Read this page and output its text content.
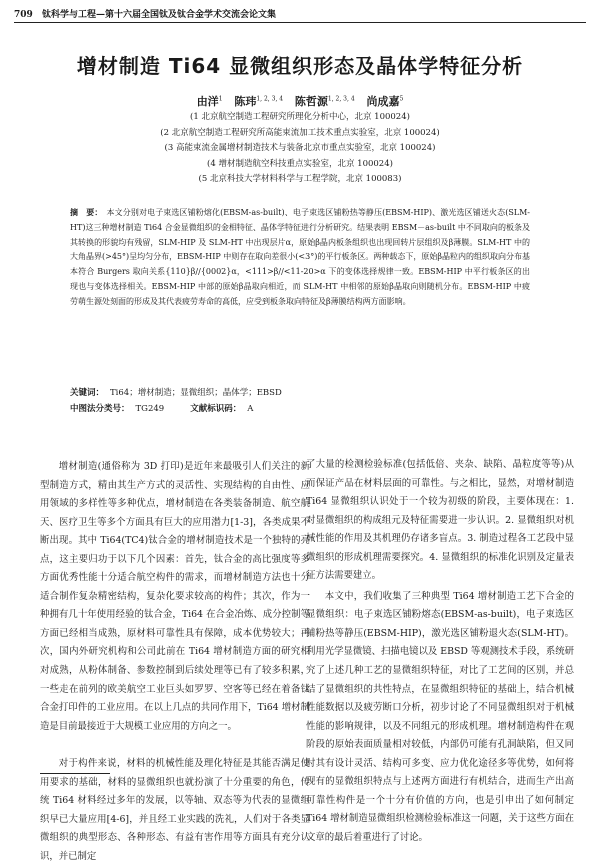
709 钛科学与工程—第十六届全国钛及钛合金学术交流会论文集
增材制造 Ti64 显微组织形态及晶体学特征分析
由洋$^1$ 陈玮$^{1, 2, 3, 4}$ 陈哲源$^{1, 2, 3, 4}$ 尚成嘉$^5$
(1 北京航空制造工程研究所理化分析中心，北京 100024)
(2 北京航空制造工程研究所高能束流加工技术重点实验室，北京 100024)
(3 高能束流金属增材制造技术与装备北京市重点实验室，北京 100024)
(4 增材制造航空科技重点实验室，北京 100024)
(5 北京科技大学材料科学与工程学院，北京 100083)
摘　要： 本文分别对电子束选区铺粉熔化(EBSM-as-built)、电子束选区铺粉热等静压(EBSM-HIP)、激光选区铺送火态(SLM-HT)这三种增材制造 Ti64 合金显微组织的金相特征、晶体学特征进行分析研究。结果表明 EBSM－as-built 中不同取向的板条及其转换的形貌均有残留，SLM-HIP 及 SLM-HT 中出现层片α，原始β晶内板条组织也出现回转片层组织及β薄膜。SLM-HT 中的大角晶界(>45°)呈均匀分布，EBSM-HIP 中则存在取向差很小(<3°)的平行板条区。两种载态下，原始β晶粒内的组织取向分布基本符合 Burgers 取向关系{110}β//{0002}α，<111>β//<11-20>α 下的变体选择规律一致。EBSM-HIP 中平行板条区的出现也与变体选择相关。EBSM-HIP 中部的原始β晶取向相近，而 SLM-HT 中相邻的原始β晶取向则随机分布。EBSM-HIP 中疲劳萌生源处刻面的形成及其代表疲劳寿命的高低，应受到板条取向特征及β薄膜结构两方面影响。
关键词： Ti64；增材制造；显微组织；晶体学；EBSD
中图法分类号： TG249	文献标识码： A

增材制造(通俗称为 3D 打印)是近年来最吸引人们关注的新型制造方式，精由其生产方式的灵活性、实现结构的自由性、应用领域的多样性等多种优点，增材制造在各类装备制造、航空航天、医疗卫生等多个方面具有巨大的应用潜力[1-3]，各类成果不断出现。其中 Ti64(TC4)钛合金的增材制造技术是一个独特的亮点，这主要归功于以下几个因素：首先，钛合金的高比强度等多方面优秀性能十分适合航空构件的需求，而增材制造方法也十分适合制作复杂精密结构，复杂化要求较高的构件；其次，作为一种拥有几十年使用经验的钛合金，Ti64 在合金冶炼、成分控制等方面已经相当成熟，原材料可靠性具有保障，成本优势较大；再次，国内外研究机构和公司此前在 Ti64 增材制造方面的研究相对成熟，从粉体制备、参数控制到后续处理等已有了较多积累，一些走在前列的欧美航空工业巨头如罗罗、空客等已经在着备钛合金打印件的工业应用。在以上几点的共同作用下，Ti64 增材制造是目前最接近于大规模工业应用的方向之一。

对于构件来说，材料的机械性能及理化特征是其能否满足使用要求的基础，材料的显微组织也就扮演了十分重要的角色，传统 Ti64 材料经过多年的发展，以等轴、双态等为代表的显微组织早已大量应用[4-6]，并且经工业实践的洗礼，人们对于各类显微组织的典型形态、各种形态、有益有害作用等方面具有充分认识，并已制定

了大量的检测检验标准(包括低倍、夹杂、缺陷、晶粒度等等)从而保证产品在材料层面的可靠性。与之相比，显然，对增材制造 Ti64 显微组织认识处于一个较为初级的阶段，主要体现在：1. 对显微组织的构成组元及特征需要进一步认识。2. 显微组织对机械性能的作用及其机理仍存诸多盲点。3. 制造过程各工艺段中显微组织的形成机理需要探究。4. 显微组织的标准化识别及定量表征方法需要建立。

本文中，我们收集了三种典型 Ti64 增材制造工艺下合金的显微组织：电子束选区铺粉熔态(EBSM-as-built)，电子束选区铺粉热等静压(EBSM-HIP)，激光选区铺粉退火态(SLM-HT)。利用光学显微镜、扫描电镜以及 EBSD 等观测技术手段，系统研究了上述几种工艺的显微组织特征，对比了工艺间的区别，并总结了显微组织的共性特点，在显微组织特征的基础上，结合机械性能数据以及疲劳断口分析，初步讨论了不同显微组织对于机械性能的影响规律，以及不同组元的形成机理。增材制造构件在观阶段的原始表面质量相对较低，内部仍可能有孔洞缺陷，但又同时其有设计灵活、结构可多变、应力优化途径多等优势，如何将现有的显微组织特点与上述两方面进行有机结合，进而生产出高可靠性构件是一个十分有价值的方向，也是引申出了如何制定 Ti64 增材制造显微组织检测检验标准这一问题，关于这些方面在文章的最后着重进行了讨论。
